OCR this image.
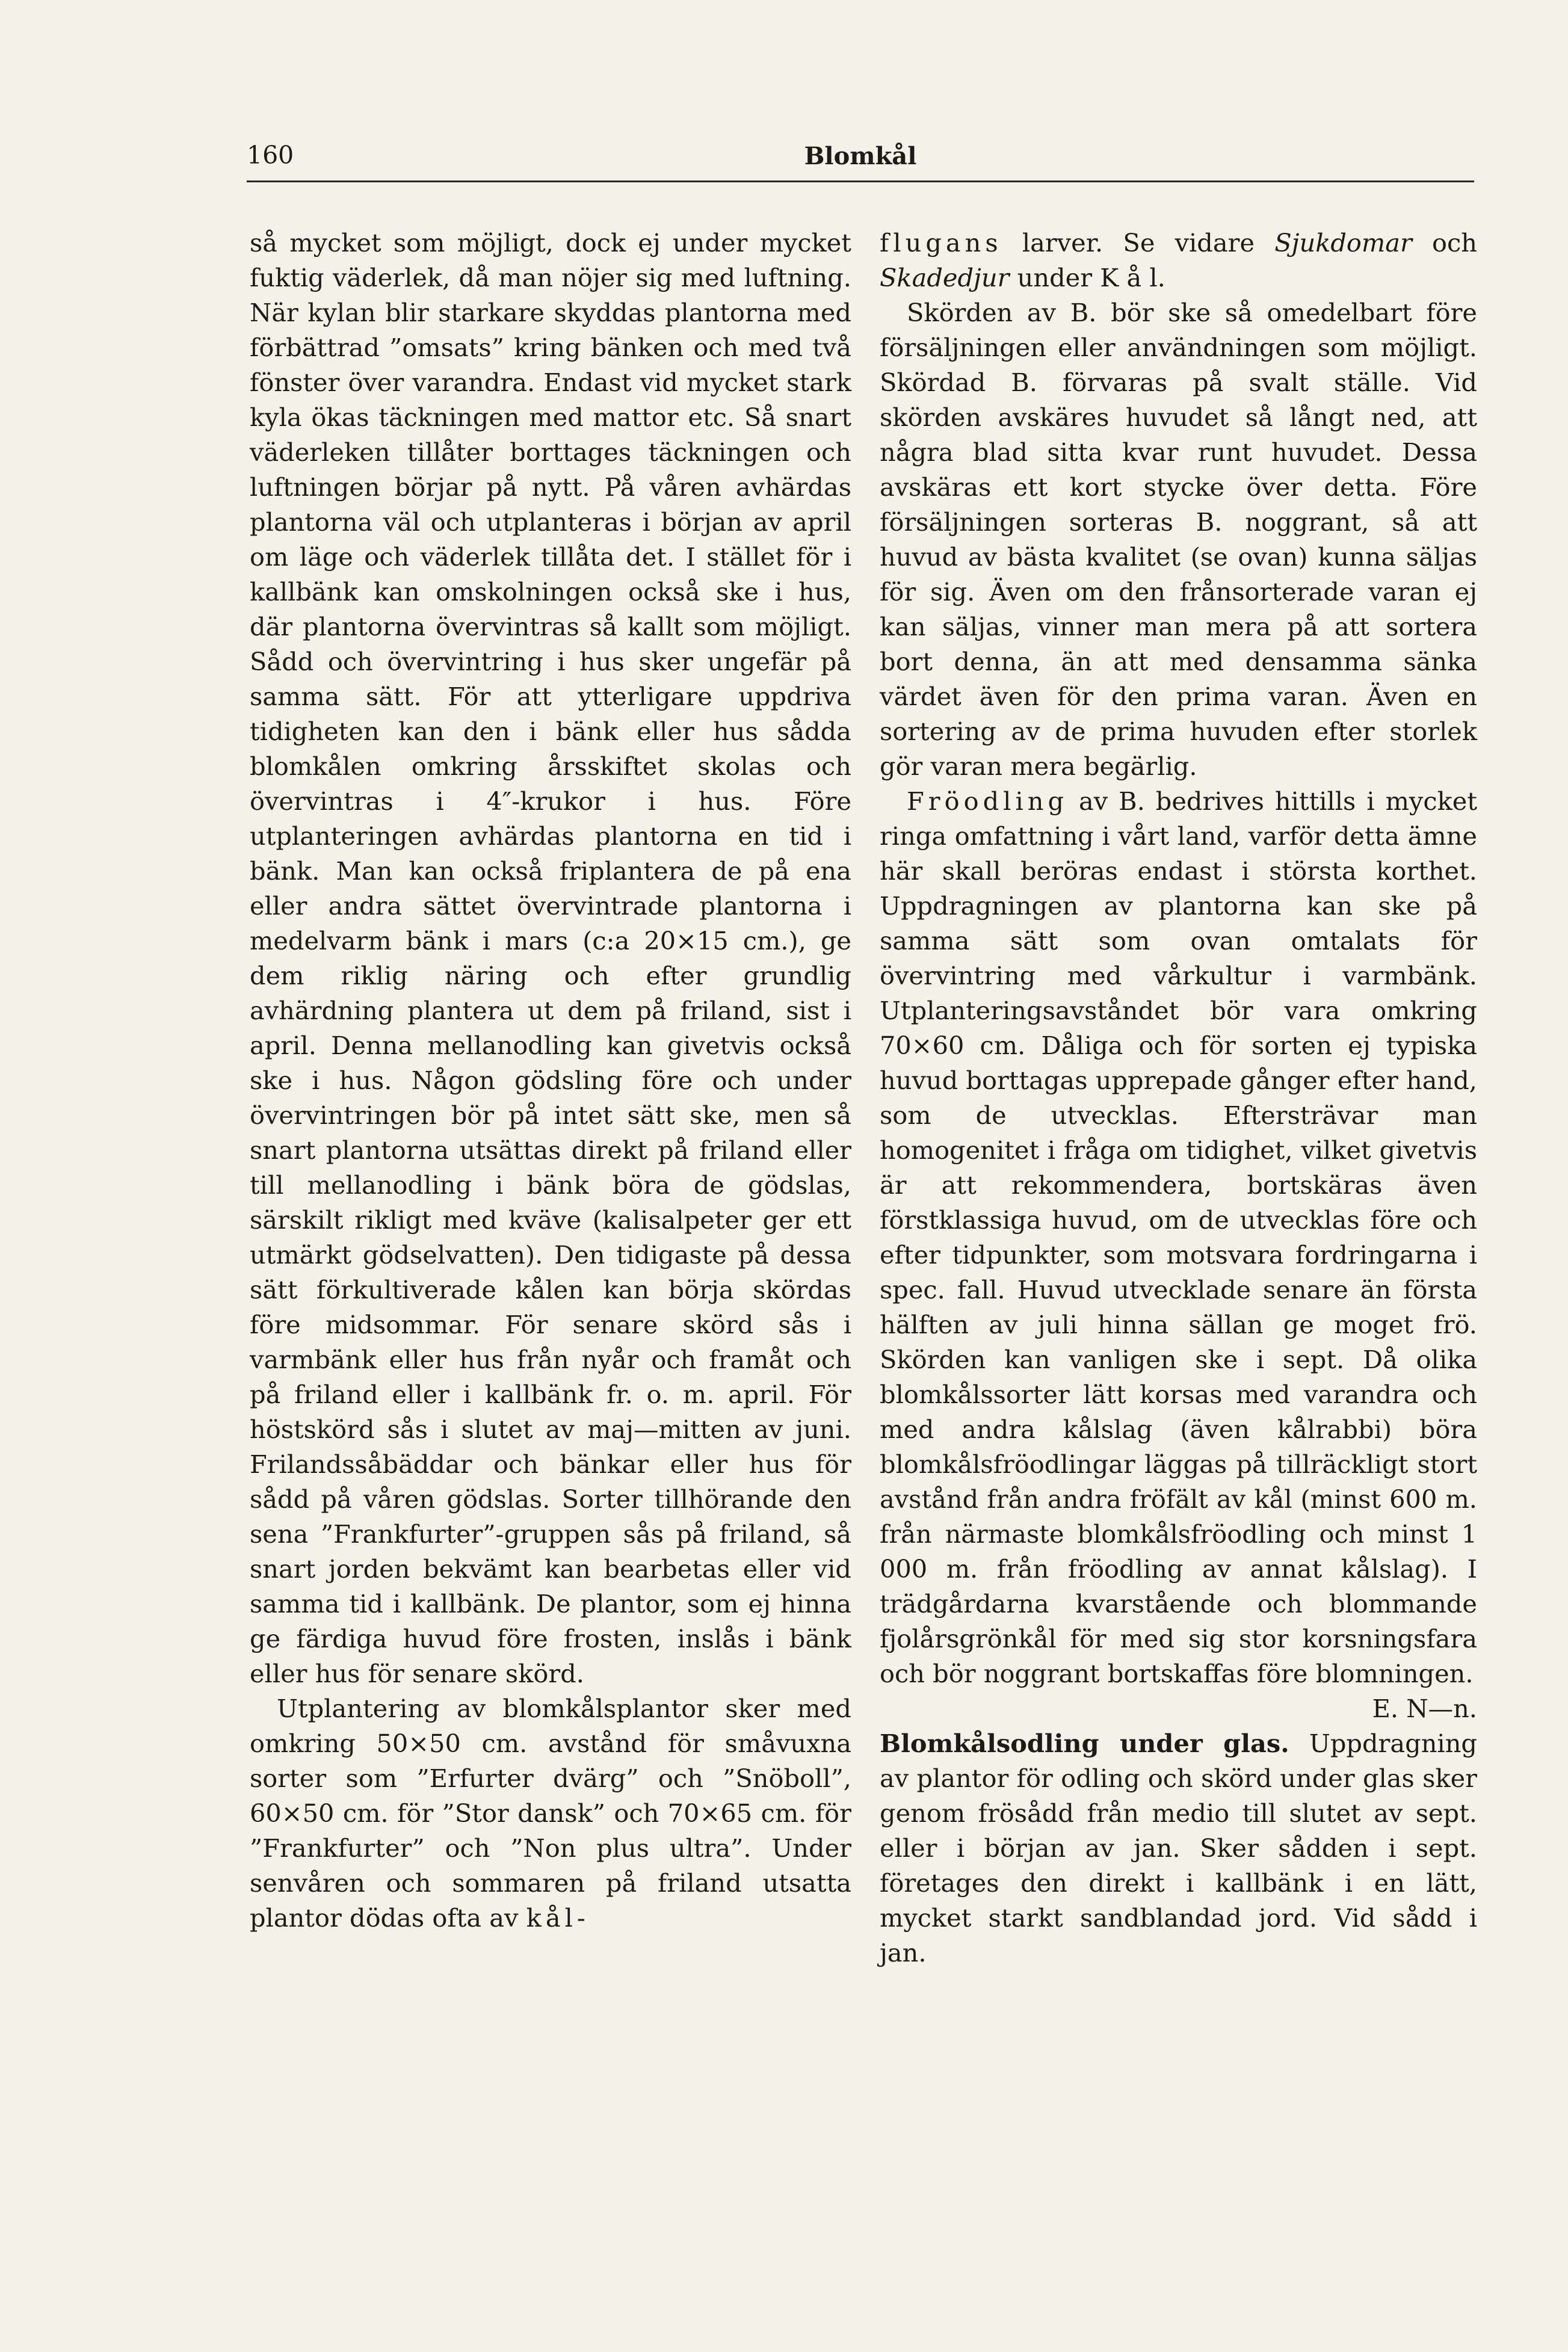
160	Blomkål

så mycket som möjligt, dock ej under mycket fuktig väderlek, då man nöjer sig med luftning. När kylan blir starkare skyddas plantorna med förbättrad ”omsats” kring bänken och med två fönster över varandra. Endast vid mycket stark kyla ökas täckningen med mattor etc. Så snart väderleken tillåter borttages täckningen och luftningen börjar på nytt. På våren avhärdas plantorna väl och utplanteras i början av april om läge och väderlek tillåta det. I stället för i kallbänk kan omskolningen också ske i hus, där plantorna övervintras så kallt som möjligt. Sådd och övervintring i hus sker ungefär på samma sätt. För att ytterligare uppdriva tidigheten kan den i bänk eller hus sådda blomkålen omkring årsskiftet skolas och övervintras i 4″-krukor i hus. Före utplanteringen avhärdas plantorna en tid i bänk. Man kan också friplantera de på ena eller andra sättet övervintrade plantorna i medelvarm bänk i mars (c:a 20×15 cm.), ge dem riklig näring och efter grundlig avhärdning plantera ut dem på friland, sist i april. Denna mellanodling kan givetvis också ske i hus. Någon gödsling före och under övervintringen bör på intet sätt ske, men så snart plantorna utsättas direkt på friland eller till mellanodling i bänk böra de gödslas, särskilt rikligt med kväve (kalisalpeter ger ett utmärkt gödselvatten). Den tidigaste på dessa sätt förkultiverade kålen kan börja skördas före midsommar. För senare skörd sås i varmbänk eller hus från nyår och framåt och på friland eller i kallbänk fr. o. m. april. För höstskörd sås i slutet av maj—mitten av juni. Frilandssåbäddar och bänkar eller hus för sådd på våren gödslas. Sorter tillhörande den sena ”Frankfurter”-gruppen sås på friland, så snart jorden bekvämt kan bearbetas eller vid samma tid i kallbänk. De plantor, som ej hinna ge färdiga huvud före frosten, inslås i bänk eller hus för senare skörd.

Utplantering av blomkålsplantor sker med omkring 50×50 cm. avstånd för småvuxna sorter som ”Erfurter dvärg” och ”Snöboll”, 60×50 cm. för ”Stor dansk” och 70×65 cm. för ”Frankfurter” och ”Non plus ultra”. Under senvåren och sommaren på friland utsatta plantor dödas ofta av kål-

flugans larver. Se vidare Sjukdomar och Skadedjur under K å l.

Skörden av B. bör ske så omedelbart före försäljningen eller användningen som möjligt. Skördad B. förvaras på svalt ställe. Vid skörden avskäres huvudet så långt ned, att några blad sitta kvar runt huvudet. Dessa avskäras ett kort stycke över detta. Före försäljningen sorteras B. noggrant, så att huvud av bästa kvalitet (se ovan) kunna säljas för sig. Även om den frånsorterade varan ej kan säljas, vinner man mera på att sortera bort denna, än att med densamma sänka värdet även för den prima varan. Även en sortering av de prima huvuden efter storlek gör varan mera begärlig.

Fröodling av B. bedrives hittills i mycket ringa omfattning i vårt land, varför detta ämne här skall beröras endast i största korthet. Uppdragningen av plantorna kan ske på samma sätt som ovan omtalats för övervintring med vårkultur i varmbänk. Utplanteringsavståndet bör vara omkring 70×60 cm. Dåliga och för sorten ej typiska huvud borttagas upprepade gånger efter hand, som de utvecklas. Eftersträvar man homogenitet i fråga om tidighet, vilket givetvis är att rekommendera, bortskäras även förstklassiga huvud, om de utvecklas före och efter tidpunkter, som motsvara fordringarna i spec. fall. Huvud utvecklade senare än första hälften av juli hinna sällan ge moget frö. Skörden kan vanligen ske i sept. Då olika blomkålssorter lätt korsas med varandra och med andra kålslag (även kålrabbi) böra blomkålsfröodlingar läggas på tillräckligt stort avstånd från andra fröfält av kål (minst 600 m. från närmaste blomkålsfröodling och minst 1 000 m. från fröodling av annat kålslag). I trädgårdarna kvarstående och blommande fjolårsgrönkål för med sig stor korsningsfara och bör noggrant bortskaffas före blomningen.
E. N—n.

Blomkålsodling under glas. Uppdragning av plantor för odling och skörd under glas sker genom frösådd från medio till slutet av sept. eller i början av jan. Sker sådden i sept. företages den direkt i kallbänk i en lätt, mycket starkt sandblandad jord. Vid sådd i jan.
